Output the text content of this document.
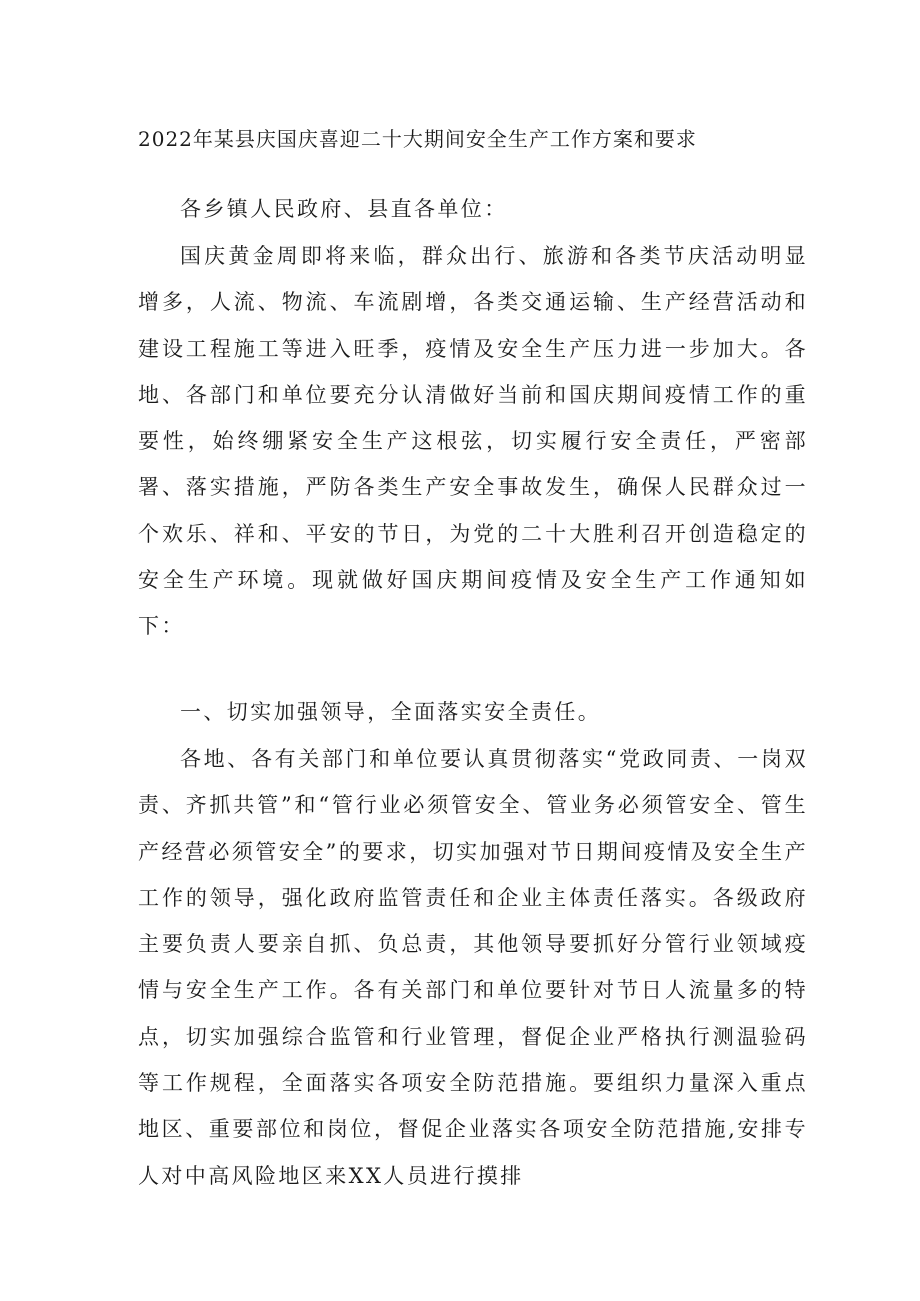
2022年某县庆国庆喜迎二十大期间安全生产工作方案和要求

各乡镇人民政府、县直各单位：

国庆黄金周即将来临，群众出行、旅游和各类节庆活动明显增多，人流、物流、车流剧增，各类交通运输、生产经营活动和建设工程施工等进入旺季，疫情及安全生产压力进一步加大。各地、各部门和单位要充分认清做好当前和国庆期间疫情工作的重要性，始终绷紧安全生产这根弦，切实履行安全责任，严密部署、落实措施，严防各类生产安全事故发生，确保人民群众过一个欢乐、祥和、平安的节日，为党的二十大胜利召开创造稳定的安全生产环境。现就做好国庆期间疫情及安全生产工作通知如下：

一、切实加强领导，全面落实安全责任。

各地、各有关部门和单位要认真贯彻落实“党政同责、一岗双责、齐抓共管”和“管行业必须管安全、管业务必须管安全、管生产经营必须管安全”的要求，切实加强对节日期间疫情及安全生产工作的领导，强化政府监管责任和企业主体责任落实。各级政府主要负责人要亲自抓、负总责，其他领导要抓好分管行业领域疫情与安全生产工作。各有关部门和单位要针对节日人流量多的特点，切实加强综合监管和行业管理，督促企业严格执行测温验码等工作规程，全面落实各项安全防范措施。要组织力量深入重点地区、重要部位和岗位，督促企业落实各项安全防范措施,安排专人对中高风险地区来XX人员进行摸排
